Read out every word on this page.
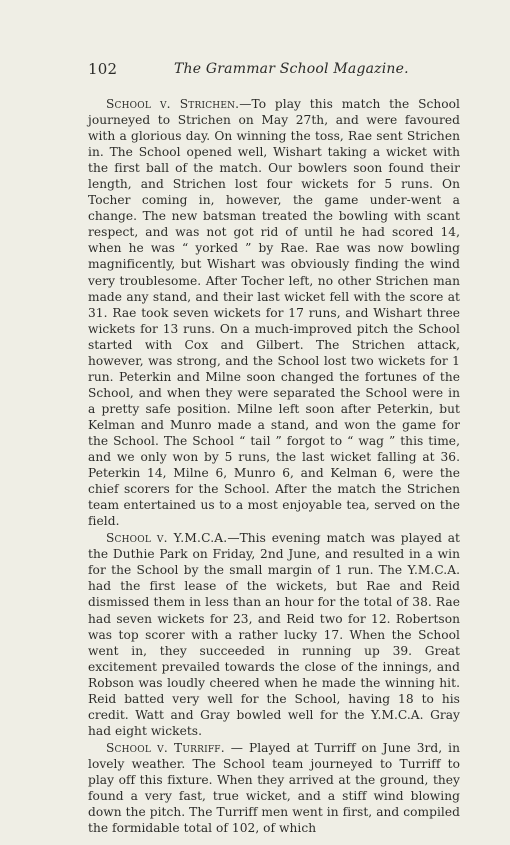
102	The Grammar School Magazine.

School v. Strichen.—To play this match the School journeyed to Strichen on May 27th, and were favoured with a glorious day. On winning the toss, Rae sent Strichen in. The School opened well, Wishart taking a wicket with the first ball of the match. Our bowlers soon found their length, and Strichen lost four wickets for 5 runs. On Tocher coming in, however, the game under-went a change. The new batsman treated the bowling with scant respect, and was not got rid of until he had scored 14, when he was “ yorked ” by Rae. Rae was now bowling magnificently, but Wishart was obviously finding the wind very troublesome. After Tocher left, no other Strichen man made any stand, and their last wicket fell with the score at 31. Rae took seven wickets for 17 runs, and Wishart three wickets for 13 runs. On a much-improved pitch the School started with Cox and Gilbert. The Strichen attack, however, was strong, and the School lost two wickets for 1 run. Peterkin and Milne soon changed the fortunes of the School, and when they were separated the School were in a pretty safe position. Milne left soon after Peterkin, but Kelman and Munro made a stand, and won the game for the School. The School “ tail ” forgot to “ wag ” this time, and we only won by 5 runs, the last wicket falling at 36. Peterkin 14, Milne 6, Munro 6, and Kelman 6, were the chief scorers for the School. After the match the Strichen team entertained us to a most enjoyable tea, served on the field.

School v. Y.M.C.A.—This evening match was played at the Duthie Park on Friday, 2nd June, and resulted in a win for the School by the small margin of 1 run. The Y.M.C.A. had the first lease of the wickets, but Rae and Reid dismissed them in less than an hour for the total of 38. Rae had seven wickets for 23, and Reid two for 12. Robertson was top scorer with a rather lucky 17. When the School went in, they succeeded in running up 39. Great excitement prevailed towards the close of the innings, and Robson was loudly cheered when he made the winning hit. Reid batted very well for the School, having 18 to his credit. Watt and Gray bowled well for the Y.M.C.A. Gray had eight wickets.

School v. Turriff. — Played at Turriff on June 3rd, in lovely weather. The School team journeyed to Turriff to play off this fixture. When they arrived at the ground, they found a very fast, true wicket, and a stiff wind blowing down the pitch. The Turriff men went in first, and compiled the formidable total of 102, of which
